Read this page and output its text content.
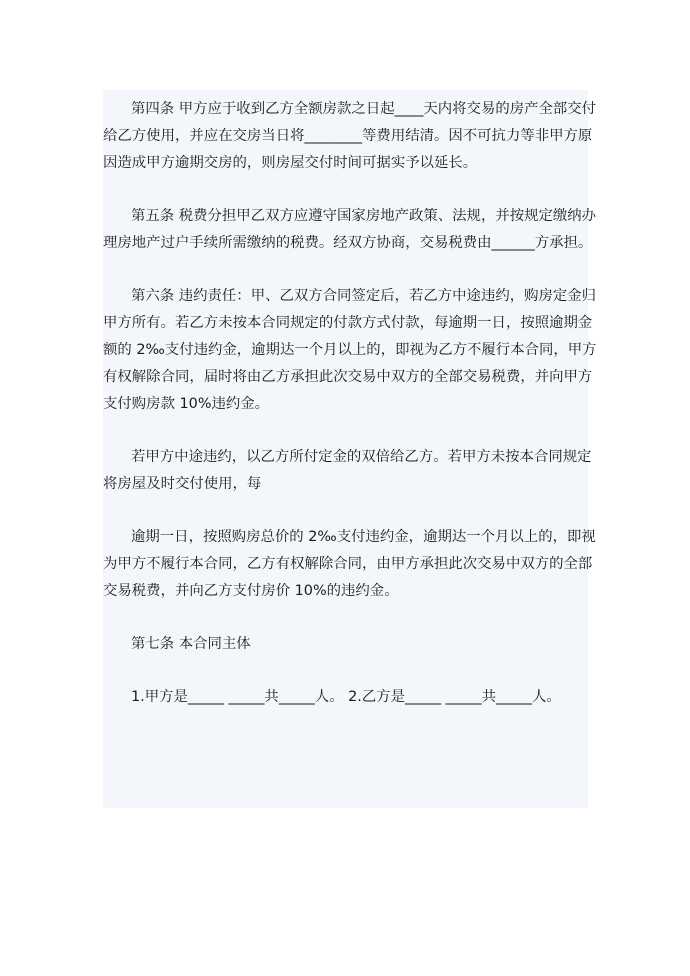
第四条 甲方应于收到乙方全额房款之日起____天内将交易的房产全部交付
给乙方使用，并应在交房当日将________等费用结清。因不可抗力等非甲方原
因造成甲方逾期交房的，则房屋交付时间可据实予以延长。
第五条 税费分担甲乙双方应遵守国家房地产政策、法规，并按规定缴纳办
理房地产过户手续所需缴纳的税费。经双方协商，交易税费由______方承担。
第六条 违约责任：甲、乙双方合同签定后，若乙方中途违约，购房定金归
甲方所有。若乙方未按本合同规定的付款方式付款，每逾期一日，按照逾期金
额的 2‰支付违约金，逾期达一个月以上的，即视为乙方不履行本合同，甲方
有权解除合同，届时将由乙方承担此次交易中双方的全部交易税费，并向甲方
支付购房款 10%违约金。
若甲方中途违约，以乙方所付定金的双倍给乙方。若甲方未按本合同规定
将房屋及时交付使用，每
逾期一日，按照购房总价的 2‰支付违约金，逾期达一个月以上的，即视
为甲方不履行本合同，乙方有权解除合同，由甲方承担此次交易中双方的全部
交易税费，并向乙方支付房价 10%的违约金。
第七条 本合同主体
1.甲方是_____ _____共_____人。 2.乙方是_____ _____共_____人。
